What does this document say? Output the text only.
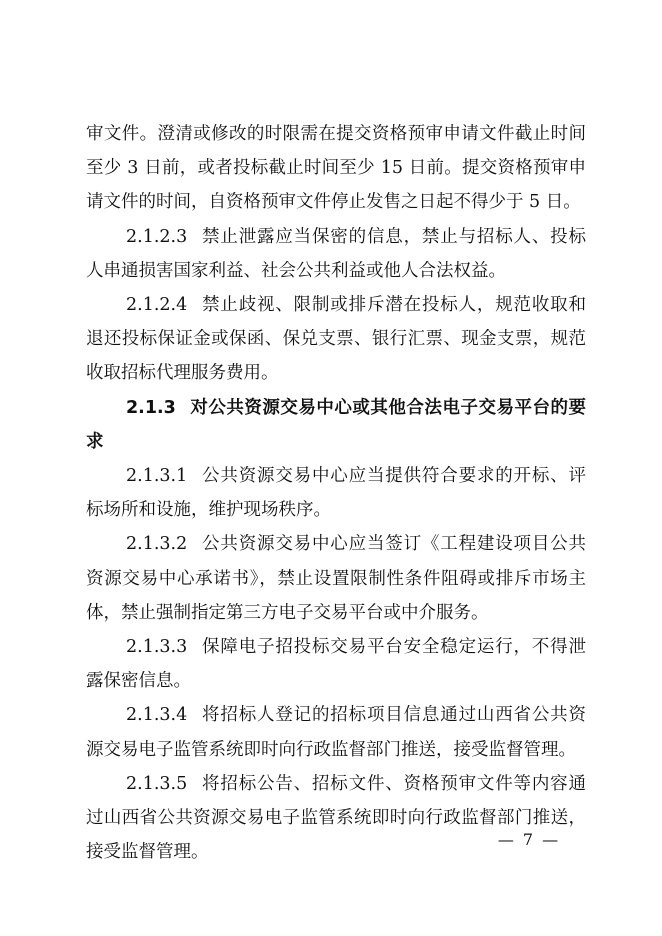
审文件。澄清或修改的时限需在提交资格预审申请文件截止时间至少 3 日前，或者投标截止时间至少 15 日前。提交资格预审申请文件的时间，自资格预审文件停止发售之日起不得少于 5 日。

2.1.2.3 禁止泄露应当保密的信息，禁止与招标人、投标人串通损害国家利益、社会公共利益或他人合法权益。

2.1.2.4 禁止歧视、限制或排斥潜在投标人，规范收取和退还投标保证金或保函、保兑支票、银行汇票、现金支票，规范收取招标代理服务费用。

2.1.3 对公共资源交易中心或其他合法电子交易平台的要求

2.1.3.1 公共资源交易中心应当提供符合要求的开标、评标场所和设施，维护现场秩序。

2.1.3.2 公共资源交易中心应当签订《工程建设项目公共资源交易中心承诺书》，禁止设置限制性条件阻碍或排斥市场主体，禁止强制指定第三方电子交易平台或中介服务。

2.1.3.3 保障电子招投标交易平台安全稳定运行，不得泄露保密信息。

2.1.3.4 将招标人登记的招标项目信息通过山西省公共资源交易电子监管系统即时向行政监督部门推送，接受监督管理。

2.1.3.5 将招标公告、招标文件、资格预审文件等内容通过山西省公共资源交易电子监管系统即时向行政监督部门推送，接受监督管理。

— 7 —
